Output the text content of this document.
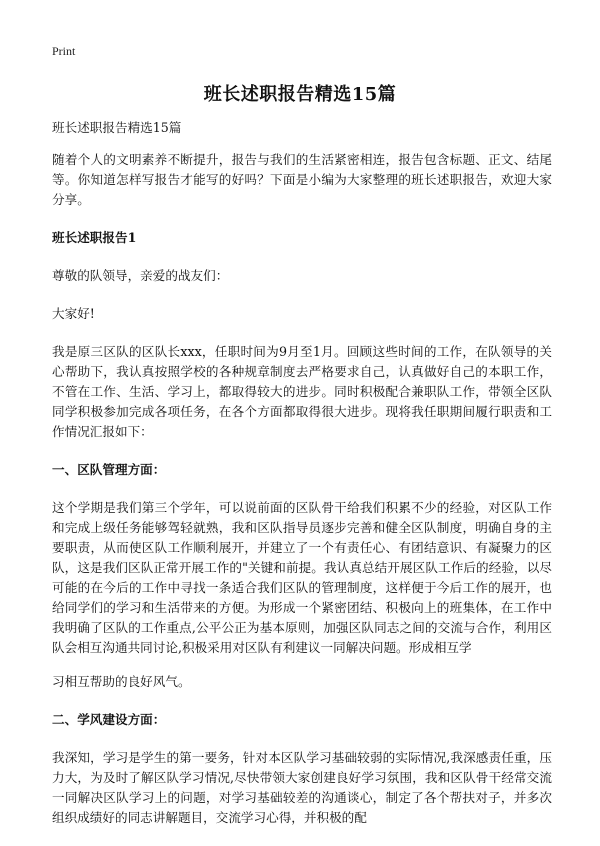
Print
班长述职报告精选15篇

班长述职报告精选15篇

随着个人的文明素养不断提升，报告与我们的生活紧密相连，报告包含标题、正文、结尾等。你知道怎样写报告才能写的好吗？下面是小编为大家整理的班长述职报告，欢迎大家分享。

班长述职报告1

尊敬的队领导，亲爱的战友们：

大家好!

我是原三区队的区队长xxx，任职时间为9月至1月。回顾这些时间的工作，在队领导的关心帮助下，我认真按照学校的各种规章制度去严格要求自己，认真做好自己的本职工作，不管在工作、生活、学习上，都取得较大的进步。同时积极配合兼职队工作，带领全区队同学积极参加完成各项任务，在各个方面都取得很大进步。现将我任职期间履行职责和工作情况汇报如下：

一、区队管理方面：

这个学期是我们第三个学年，可以说前面的区队骨干给我们积累不少的经验，对区队工作和完成上级任务能够驾轻就熟，我和区队指导员逐步完善和健全区队制度，明确自身的主要职责，从而使区队工作顺利展开，并建立了一个有责任心、有团结意识、有凝聚力的区队，这是我们区队正常开展工作的"关键和前提。我认真总结开展区队工作后的经验，以尽可能的在今后的工作中寻找一条适合我们区队的管理制度，这样便于今后工作的展开，也给同学们的学习和生活带来的方便。为形成一个紧密团结、积极向上的班集体，在工作中我明确了区队的工作重点,公平公正为基本原则，加强区队同志之间的交流与合作，利用区队会相互沟通共同讨论,积极采用对区队有利建议一同解决问题。形成相互学

习相互帮助的良好风气。

二、学风建设方面：

我深知，学习是学生的第一要务，针对本区队学习基础较弱的实际情况,我深感责任重，压力大，为及时了解区队学习情况,尽快带领大家创建良好学习氛围，我和区队骨干经常交流一同解决区队学习上的问题，对学习基础较差的沟通谈心，制定了各个帮扶对子，并多次组织成绩好的同志讲解题目，交流学习心得，并积极的配
